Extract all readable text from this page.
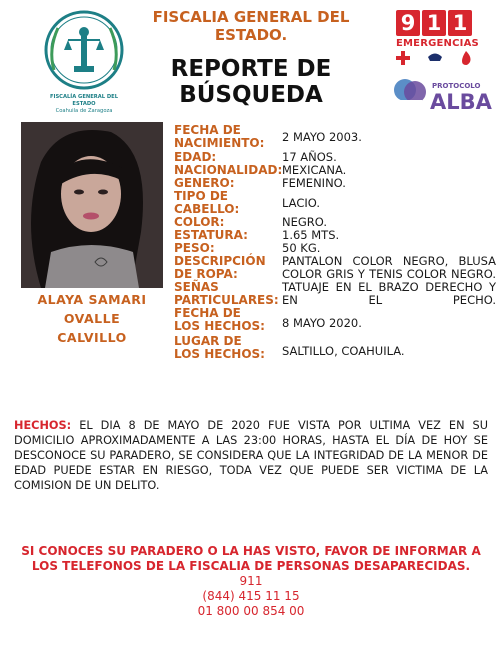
FISCALÍA GENERAL DEL ESTADO
Coahuila de Zaragoza
FISCALIA GENERAL DEL ESTADO.
REPORTE DE BÚSQUEDA
9 1 1
EMERGENCIAS
PROTOCOLO
ALBA
ALAYA SAMARI
OVALLE
CALVILLO
FECHA DE NACIMIENTO:	2 MAYO 2003.
EDAD:	17 AÑOS.
NACIONALIDAD: MEXICANA.
GENERO:	FEMENINO.
TIPO DE CABELLO:	LACIO.
COLOR:	NEGRO.
ESTATURA:	1.65 MTS.
PESO:	50 KG.
DESCRIPCIÓN DE ROPA:
PANTALON COLOR NEGRO, BLUSA COLOR GRIS Y TENIS COLOR NEGRO.
SEÑAS PARTICULARES:
TATUAJE EN EL BRAZO DERECHO Y EN EL PECHO.
FECHA DE LOS HECHOS: 8 MAYO 2020.
LUGAR DE LOS HECHOS: SALTILLO, COAHUILA.
HECHOS: EL DIA 8 DE MAYO DE 2020 FUE VISTA POR ULTIMA VEZ EN SU DOMICILIO APROXIMADAMENTE A LAS 23:00 HORAS, HASTA EL DÍA DE HOY SE DESCONOCE SU PARADERO, SE CONSIDERA QUE LA INTEGRIDAD DE LA MENOR DE EDAD PUEDE ESTAR EN RIESGO, TODA VEZ QUE PUEDE SER VICTIMA DE LA COMISION DE UN DELITO.
SI CONOCES SU PARADERO O LA HAS VISTO, FAVOR DE INFORMAR A
LOS TELEFONOS DE LA FISCALIA DE PERSONAS DESAPARECIDAS.
911
(844) 415 11 15
01 800 00 854 00
